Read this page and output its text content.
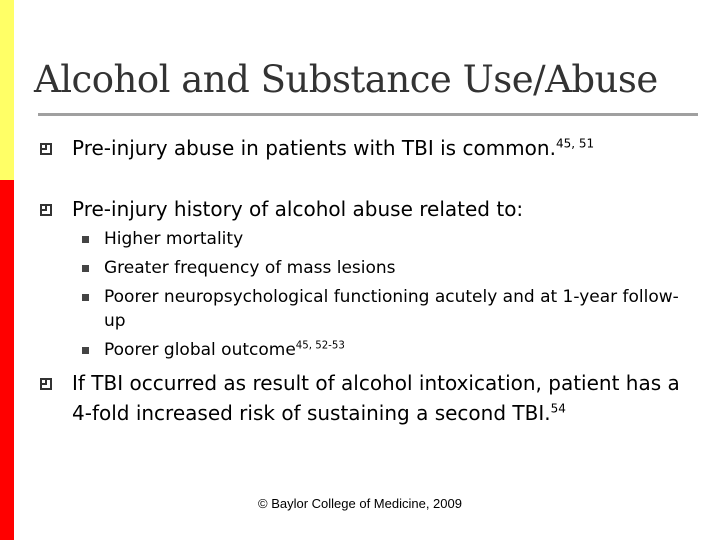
Alcohol and Substance Use/Abuse
Pre-injury abuse in patients with TBI is common.$^{45, 51}$
Pre-injury history of alcohol abuse related to:
Higher mortality
Greater frequency of mass lesions
Poorer neuropsychological functioning acutely and at 1-year follow-up
Poorer global outcome$^{45, 52-53}$
If TBI occurred as result of alcohol intoxication, patient has a 4-fold increased risk of sustaining a second TBI.$^{54}$
© Baylor College of Medicine, 2009
